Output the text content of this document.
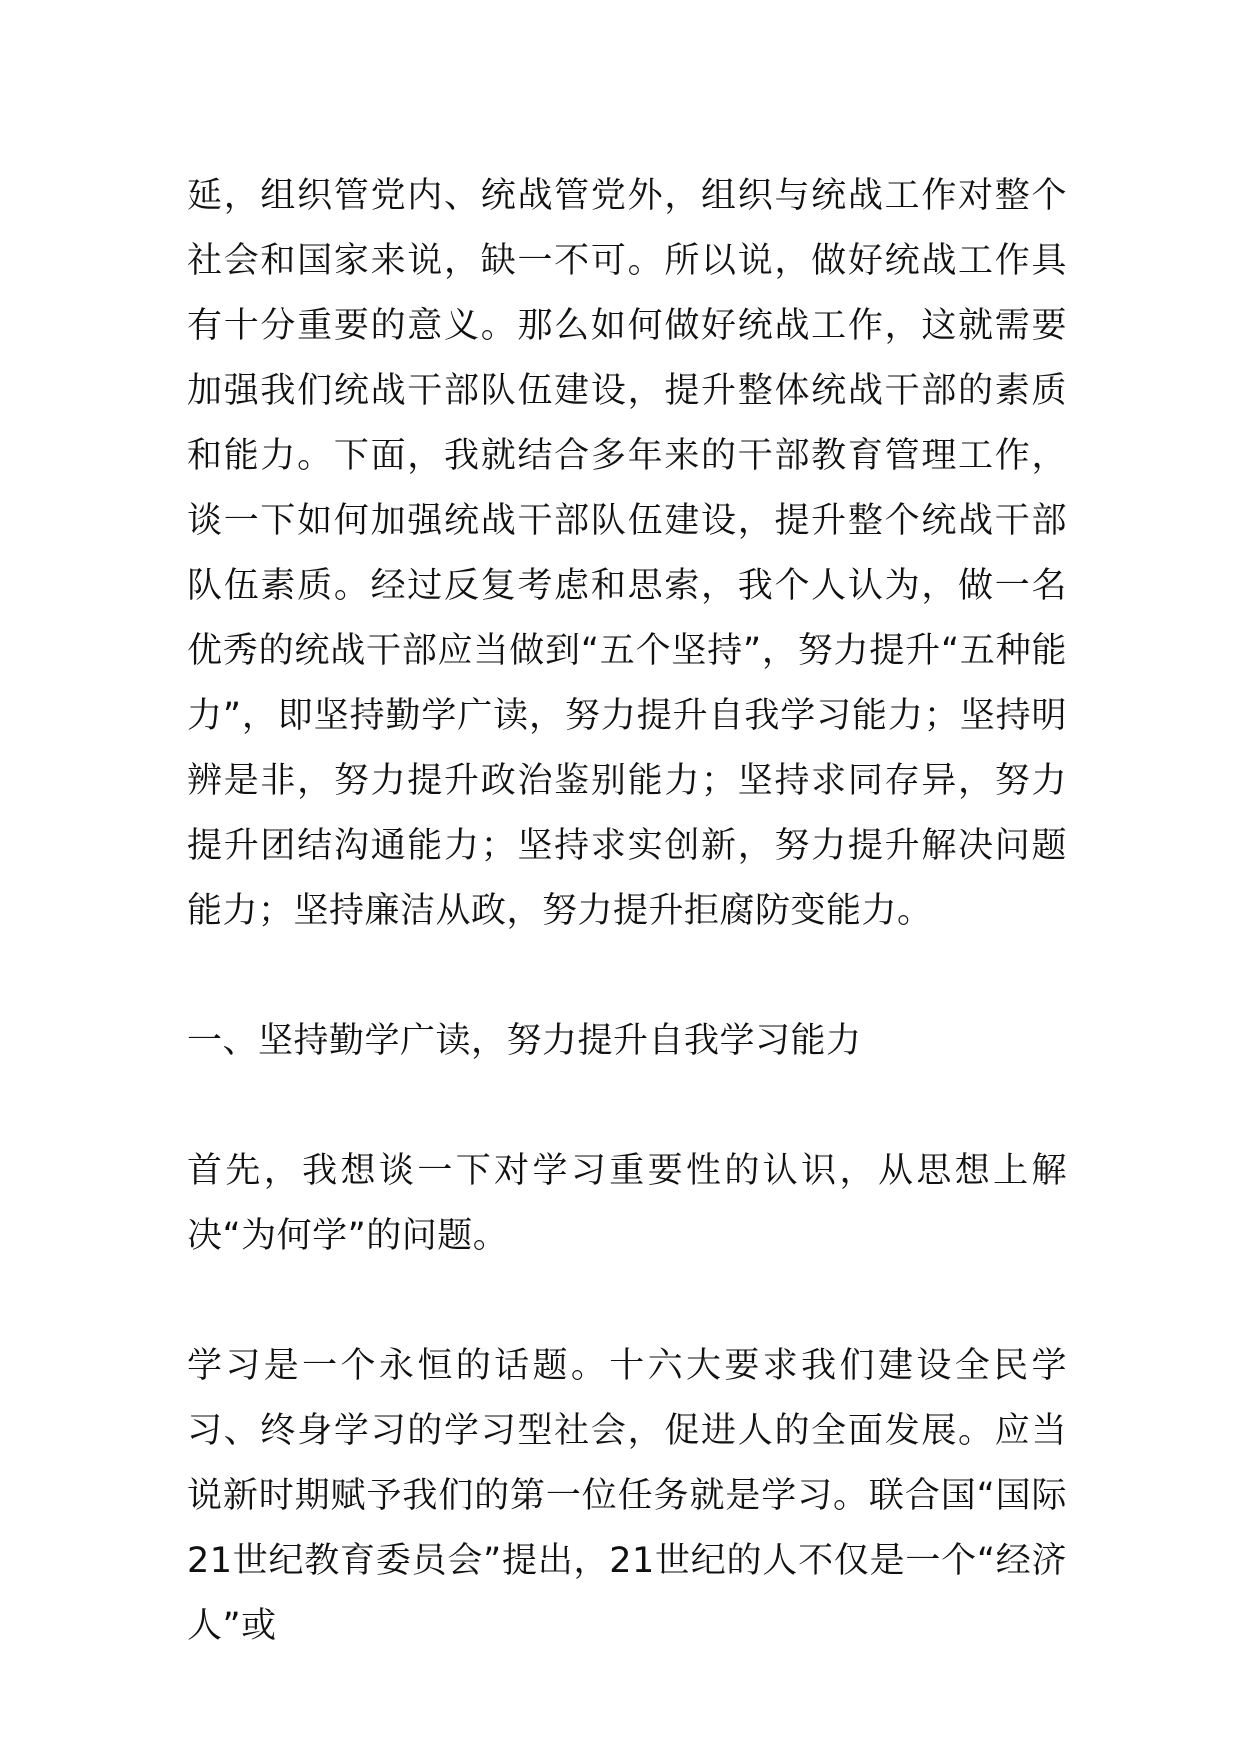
延，组织管党内、统战管党外，组织与统战工作对整个社会和国家来说，缺一不可。所以说，做好统战工作具有十分重要的意义。那么如何做好统战工作，这就需要加强我们统战干部队伍建设，提升整体统战干部的素质和能力。下面，我就结合多年来的干部教育管理工作，谈一下如何加强统战干部队伍建设，提升整个统战干部队伍素质。经过反复考虑和思索，我个人认为，做一名优秀的统战干部应当做到“五个坚持”，努力提升“五种能力”，即坚持勤学广读，努力提升自我学习能力；坚持明辨是非，努力提升政治鉴别能力；坚持求同存异，努力提升团结沟通能力；坚持求实创新，努力提升解决问题能力；坚持廉洁从政，努力提升拒腐防变能力。

一、坚持勤学广读，努力提升自我学习能力

首先，我想谈一下对学习重要性的认识，从思想上解决“为何学”的问题。

学习是一个永恒的话题。十六大要求我们建设全民学习、终身学习的学习型社会，促进人的全面发展。应当说新时期赋予我们的第一位任务就是学习。联合国“国际21世纪教育委员会”提出，21世纪的人不仅是一个“经济人”或
